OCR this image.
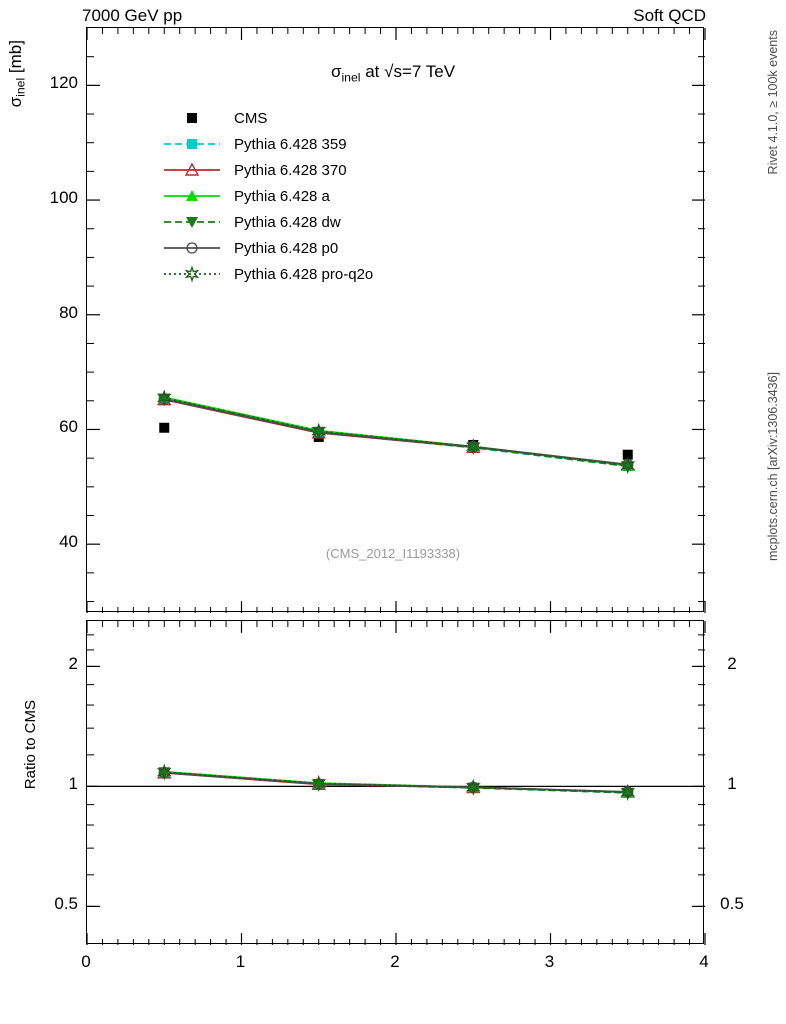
7000 GeV pp	Soft QCD
Rivet 4.1.0, ≥ 100k events
mcplots.cern.ch [arXiv:1306.3436]
$\sigma_{inel}$ [mb]
Ratio to CMS
$\sigma_{inel}$ at √s=7 TeV
(CMS_2012_I1193338)
CMS
Pythia 6.428 359
Pythia 6.428 370
Pythia 6.428 a
Pythia 6.428 dw
Pythia 6.428 p0
Pythia 6.428 pro-q2o
120
100
80
60
40
2	2
1	1
0.5	0.5
0	1	2	3	4
